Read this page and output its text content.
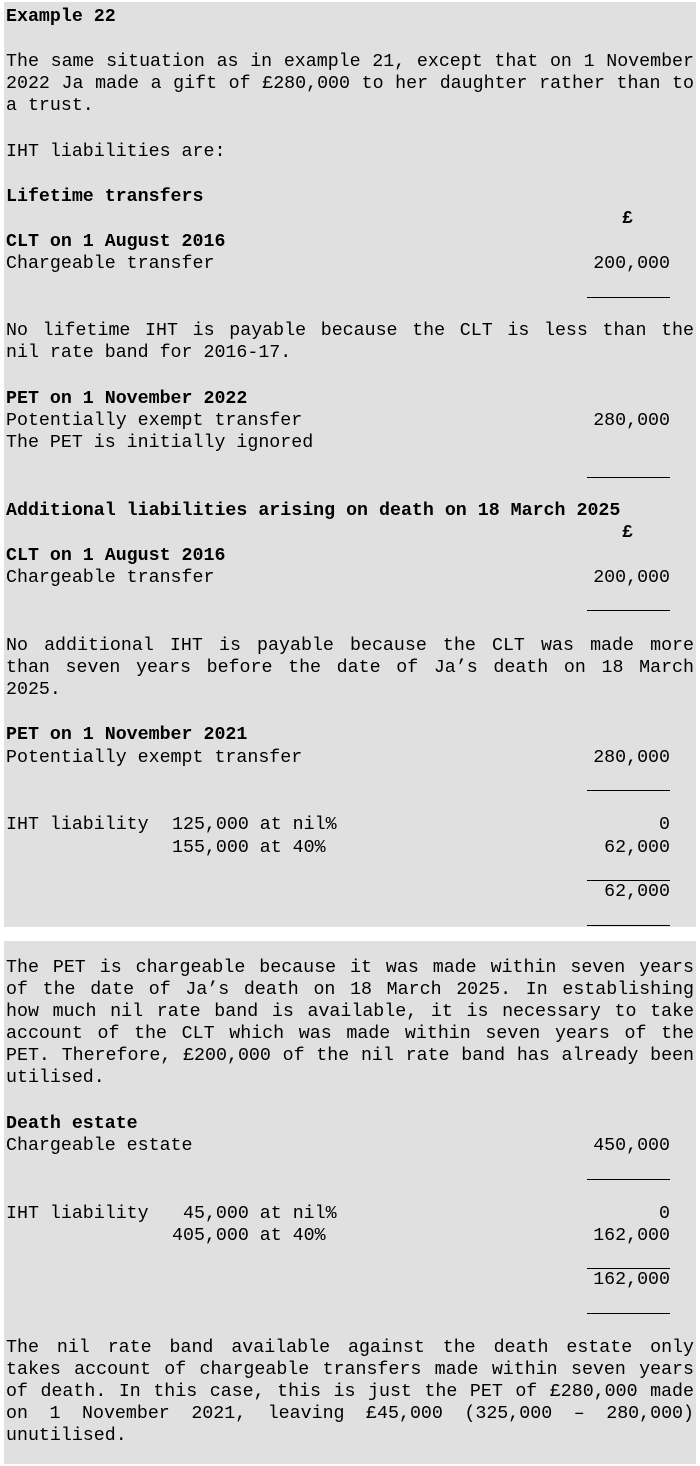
Example 22
The same situation as in example 21, except that on 1 November 2022 Ja made a gift of £280,000 to her daughter rather than to a trust.
IHT liabilities are:
Lifetime transfers
£
CLT on 1 August 2016
Chargeable transfer	200,000
No lifetime IHT is payable because the CLT is less than the nil rate band for 2016-17.
PET on 1 November 2022
Potentially exempt transfer	280,000
The PET is initially ignored
Additional liabilities arising on death on 18 March 2025
£
CLT on 1 August 2016
Chargeable transfer	200,000
No additional IHT is payable because the CLT was made more than seven years before the date of Ja’s death on 18 March 2025.
PET on 1 November 2021
Potentially exempt transfer	280,000
IHT liability 125,000 at nil%	0
155,000 at 40%	62,000
62,000
The PET is chargeable because it was made within seven years of the date of Ja’s death on 18 March 2025. In establishing how much nil rate band is available, it is necessary to take account of the CLT which was made within seven years of the PET. Therefore, £200,000 of the nil rate band has already been utilised.
Death estate
Chargeable estate	450,000
IHT liability 45,000 at nil%	0
405,000 at 40%	162,000
162,000
The nil rate band available against the death estate only takes account of chargeable transfers made within seven years of death. In this case, this is just the PET of £280,000 made on 1 November 2021, leaving £45,000 (325,000 – 280,000) unutilised.
